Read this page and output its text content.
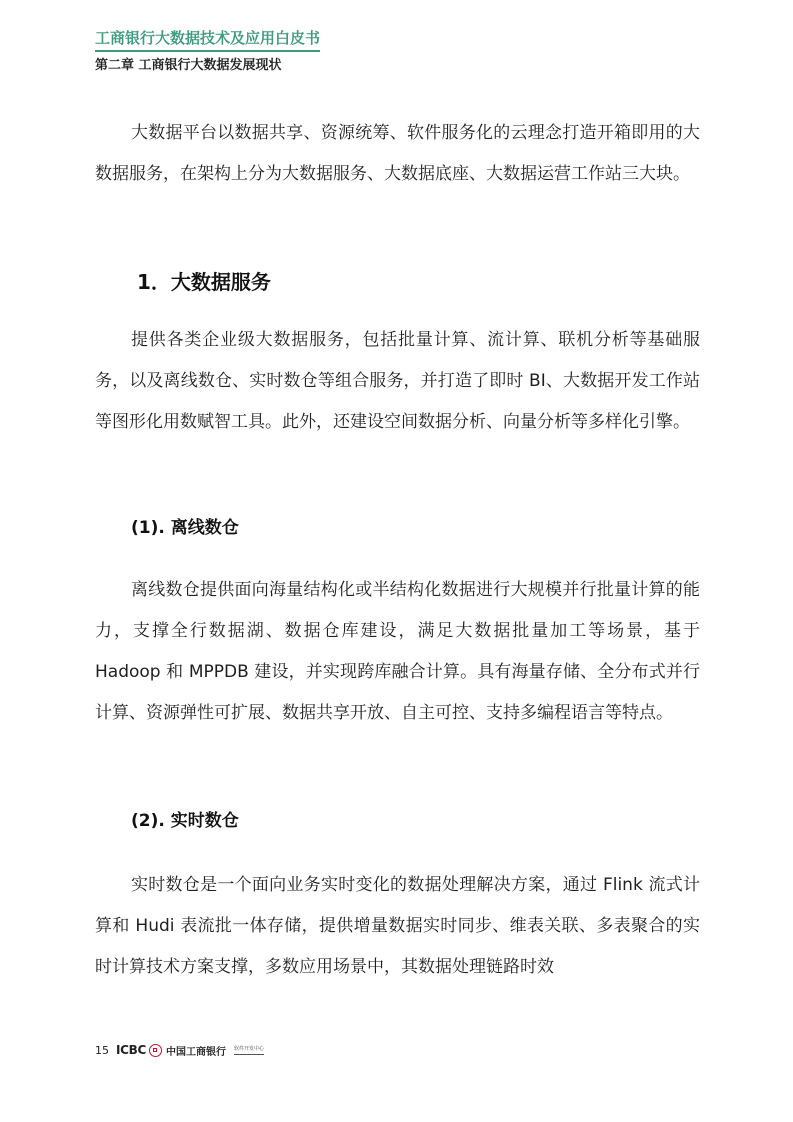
工商银行大数据技术及应用白皮书
第二章 工商银行大数据发展现状

大数据平台以数据共享、资源统筹、软件服务化的云理念打造开箱即用的大数据服务，在架构上分为大数据服务、大数据底座、大数据运营工作站三大块。

1．大数据服务

提供各类企业级大数据服务，包括批量计算、流计算、联机分析等基础服务，以及离线数仓、实时数仓等组合服务，并打造了即时 BI、大数据开发工作站等图形化用数赋智工具。此外，还建设空间数据分析、向量分析等多样化引擎。

(1). 离线数仓

离线数仓提供面向海量结构化或半结构化数据进行大规模并行批量计算的能力，支撑全行数据湖、数据仓库建设，满足大数据批量加工等场景，基于 Hadoop 和 MPPDB 建设，并实现跨库融合计算。具有海量存储、全分布式并行计算、资源弹性可扩展、数据共享开放、自主可控、支持多编程语言等特点。

(2). 实时数仓

实时数仓是一个面向业务实时变化的数据处理解决方案，通过 Flink 流式计算和 Hudi 表流批一体存储，提供增量数据实时同步、维表关联、多表聚合的实时计算技术方案支撑，多数应用场景中，其数据处理链路时效

15 ICBC 中国工商银行 软件开发中心
